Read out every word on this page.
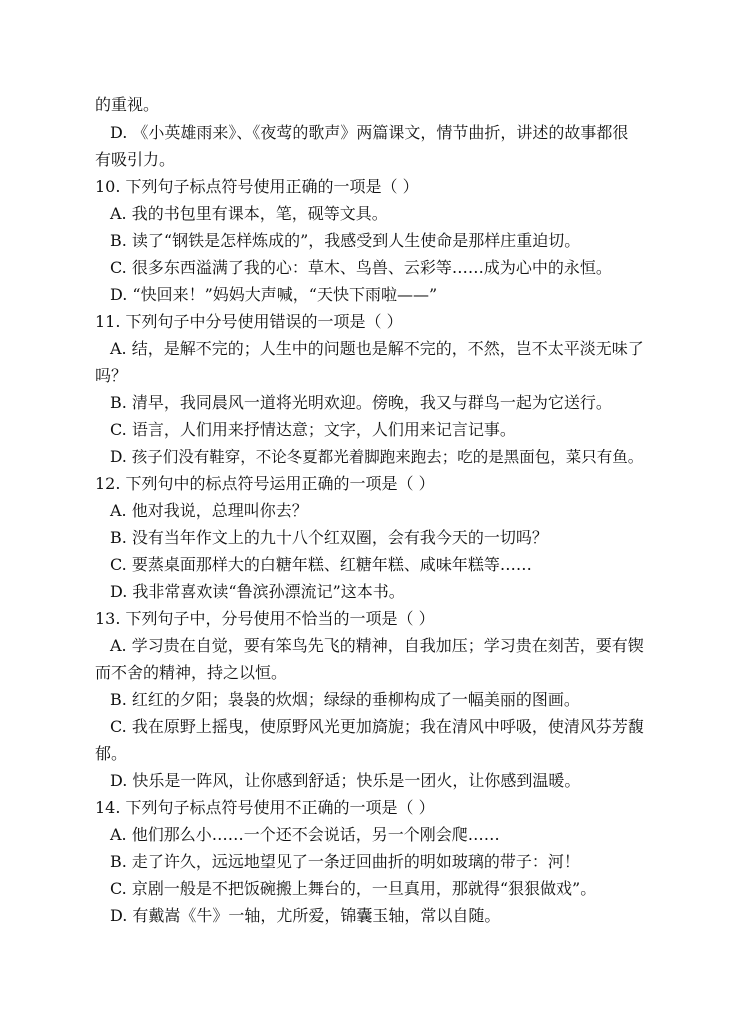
的重视。
D. 《小英雄雨来》、《夜莺的歌声》两篇课文，情节曲折，讲述的故事都很
有吸引力。
10. 下列句子标点符号使用正确的一项是（ ）
A. 我的书包里有课本，笔，砚等文具。
B. 读了“钢铁是怎样炼成的”，我感受到人生使命是那样庄重迫切。
C. 很多东西溢满了我的心：草木、鸟兽、云彩等……成为心中的永恒。
D. “快回来！”妈妈大声喊，“天快下雨啦——”
11. 下列句子中分号使用错误的一项是（ ）
A. 结，是解不完的；人生中的问题也是解不完的，不然，岂不太平淡无味了
吗？
B. 清早，我同晨风一道将光明欢迎。傍晚，我又与群鸟一起为它送行。
C. 语言，人们用来抒情达意；文字，人们用来记言记事。
D. 孩子们没有鞋穿，不论冬夏都光着脚跑来跑去；吃的是黑面包，菜只有鱼。
12. 下列句中的标点符号运用正确的一项是（ ）
A. 他对我说，总理叫你去？
B. 没有当年作文上的九十八个红双圈，会有我今天的一切吗？
C. 要蒸桌面那样大的白糖年糕、红糖年糕、咸味年糕等……
D. 我非常喜欢读“鲁滨孙漂流记”这本书。
13. 下列句子中，分号使用不恰当的一项是（ ）
A. 学习贵在自觉，要有笨鸟先飞的精神，自我加压；学习贵在刻苦，要有锲
而不舍的精神，持之以恒。
B. 红红的夕阳；袅袅的炊烟；绿绿的垂柳构成了一幅美丽的图画。
C. 我在原野上摇曳，使原野风光更加旖旎；我在清风中呼吸，使清风芬芳馥
郁。
D. 快乐是一阵风，让你感到舒适；快乐是一团火，让你感到温暖。
14. 下列句子标点符号使用不正确的一项是（ ）
A. 他们那么小……一个还不会说话，另一个刚会爬……
B. 走了许久，远远地望见了一条迂回曲折的明如玻璃的带子：河！
C. 京剧一般是不把饭碗搬上舞台的，一旦真用，那就得“狠狠做戏”。
D. 有戴嵩《牛》一轴，尤所爱，锦囊玉轴，常以自随。
